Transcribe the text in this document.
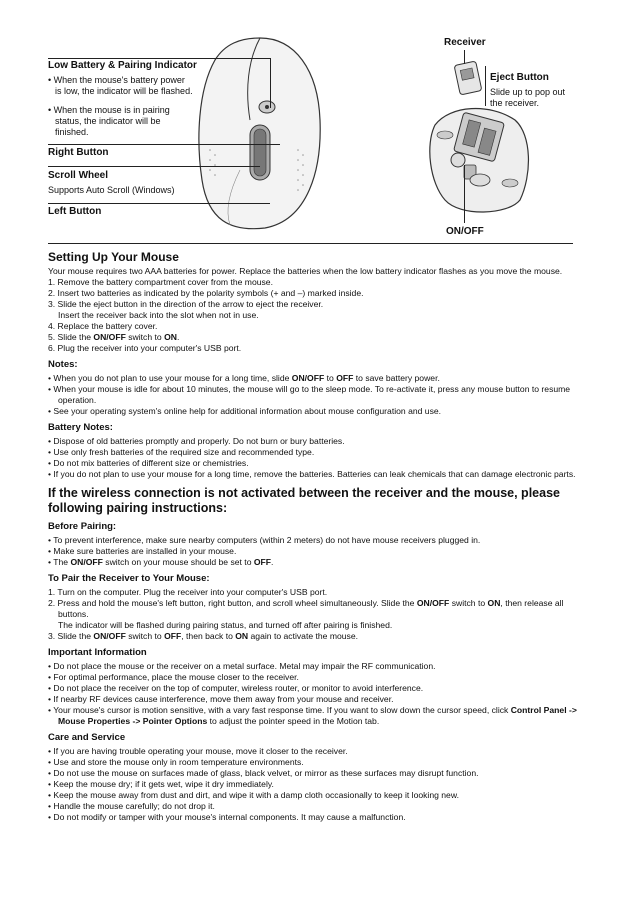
Low Battery & Pairing Indicator
• When the mouse's battery power
is low, the indicator will be flashed.
• When the mouse is in pairing
status, the indicator will be
finished.
Right Button
Scroll Wheel
Supports Auto Scroll (Windows)
Left Button
Receiver
Eject Button
Slide up to pop out
the receiver.
ON/OFF
Setting Up Your Mouse

Your mouse requires two AAA batteries for power. Replace the batteries when the low battery indicator flashes as you move the mouse.

1. Remove the battery compartment cover from the mouse.

2. Insert two batteries as indicated by the polarity symbols (+ and –) marked inside.

3. Slide the eject button in the direction of the arrow to eject the receiver.

Insert the receiver back into the slot when not in use.

4. Replace the battery cover.

5. Slide the ON/OFF switch to ON.

6. Plug the receiver into your computer's USB port.

Notes:

• When you do not plan to use your mouse for a long time, slide ON/OFF to OFF to save battery power.

• When your mouse is idle for about 10 minutes, the mouse will go to the sleep mode. To re-activate it, press any mouse button to resume operation.

• See your operating system's online help for additional information about mouse configuration and use.

Battery Notes:

• Dispose of old batteries promptly and properly. Do not burn or bury batteries.

• Use only fresh batteries of the required size and recommended type.

• Do not mix batteries of different size or chemistries.

• If you do not plan to use your mouse for a long time, remove the batteries. Batteries can leak chemicals that can damage electronic parts.

If the wireless connection is not activated between the receiver and the mouse, please following pairing instructions:
Before Pairing:

• To prevent interference, make sure nearby computers (within 2 meters) do not have mouse receivers plugged in.

• Make sure batteries are installed in your mouse.

• The ON/OFF switch on your mouse should be set to OFF.

To Pair the Receiver to Your Mouse:

1. Turn on the computer. Plug the receiver into your computer's USB port.

2. Press and hold the mouse's left button, right button, and scroll wheel simultaneously. Slide the ON/OFF switch to ON, then release all buttons.

The indicator will be flashed during pairing status, and turned off after pairing is finished.

3. Slide the ON/OFF switch to OFF, then back to ON again to activate the mouse.

Important Information

• Do not place the mouse or the receiver on a metal surface. Metal may impair the RF communication.

• For optimal performance, place the mouse closer to the receiver.

• Do not place the receiver on the top of computer, wireless router, or monitor to avoid interference.

• If nearby RF devices cause interference, move them away from your mouse and receiver.

• Your mouse's cursor is motion sensitive, with a vary fast response time. If you want to slow down the cursor speed, click Control Panel -> Mouse Properties -> Pointer Options to adjust the pointer speed in the Motion tab.

Care and Service

• If you are having trouble operating your mouse, move it closer to the receiver.

• Use and store the mouse only in room temperature environments.

• Do not use the mouse on surfaces made of glass, black velvet, or mirror as these surfaces may disrupt function.

• Keep the mouse dry; if it gets wet, wipe it dry immediately.

• Keep the mouse away from dust and dirt, and wipe it with a damp cloth occasionally to keep it looking new.

• Handle the mouse carefully; do not drop it.

• Do not modify or tamper with your mouse's internal components. It may cause a malfunction.
